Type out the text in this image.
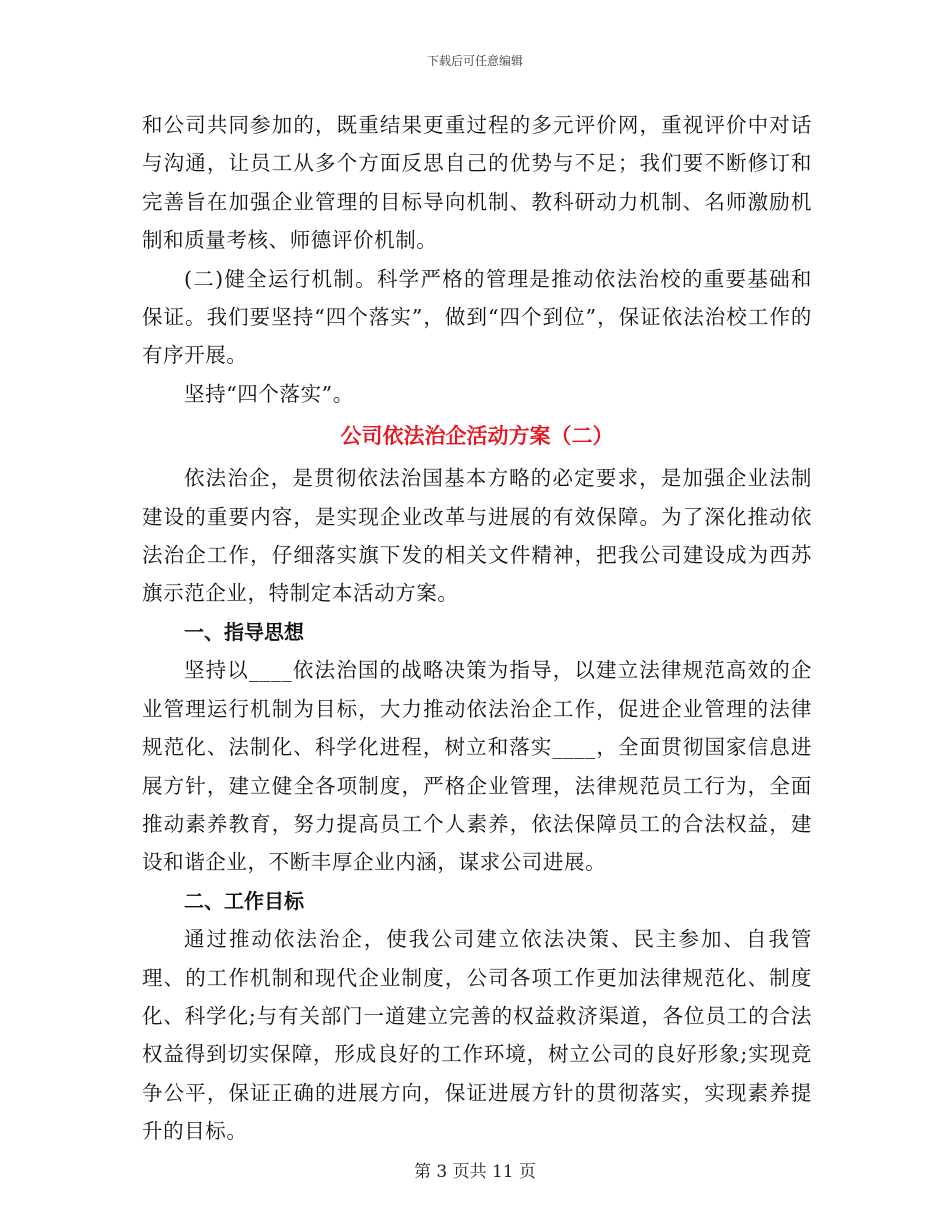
下载后可任意编辑

和公司共同参加的，既重结果更重过程的多元评价网，重视评价中对话与沟通，让员工从多个方面反思自己的优势与不足；我们要不断修订和完善旨在加强企业管理的目标导向机制、教科研动力机制、名师激励机制和质量考核、师德评价机制。

(二)健全运行机制。科学严格的管理是推动依法治校的重要基础和保证。我们要坚持“四个落实”，做到“四个到位”，保证依法治校工作的有序开展。

坚持“四个落实”。

公司依法治企活动方案（二）

依法治企，是贯彻依法治国基本方略的必定要求，是加强企业法制建设的重要内容，是实现企业改革与进展的有效保障。为了深化推动依法治企工作，仔细落实旗下发的相关文件精神，把我公司建设成为西苏旗示范企业，特制定本活动方案。

一、指导思想

坚持以____依法治国的战略决策为指导，以建立法律规范高效的企业管理运行机制为目标，大力推动依法治企工作，促进企业管理的法律规范化、法制化、科学化进程，树立和落实____，全面贯彻国家信息进展方针，建立健全各项制度，严格企业管理，法律规范员工行为，全面推动素养教育，努力提高员工个人素养，依法保障员工的合法权益，建设和谐企业，不断丰厚企业内涵，谋求公司进展。

二、工作目标

通过推动依法治企，使我公司建立依法决策、民主参加、自我管理、的工作机制和现代企业制度，公司各项工作更加法律规范化、制度化、科学化;与有关部门一道建立完善的权益救济渠道，各位员工的合法权益得到切实保障，形成良好的工作环境，树立公司的良好形象;实现竞争公平，保证正确的进展方向，保证进展方针的贯彻落实，实现素养提升的目标。

第 3 页共 11 页
